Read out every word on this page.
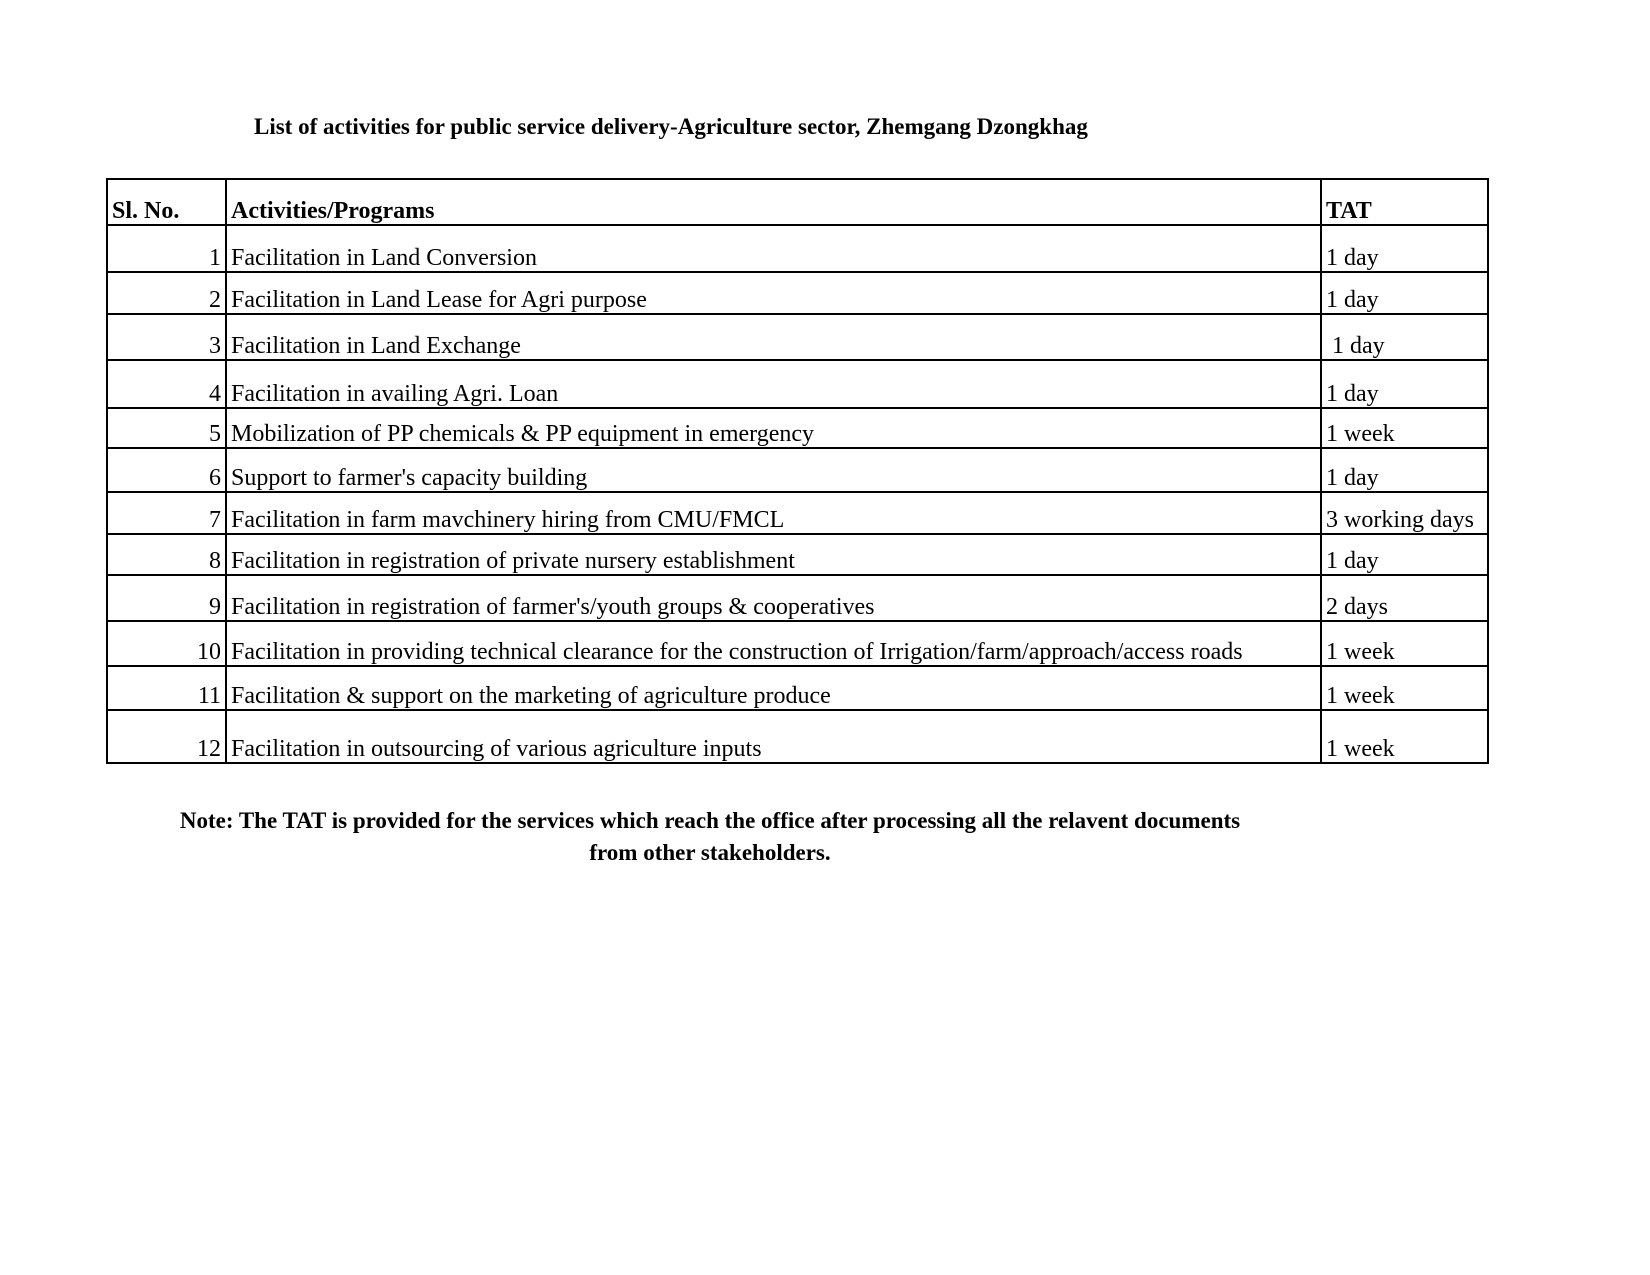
List of activities for public service delivery-Agriculture sector, Zhemgang Dzongkhag
Sl. No.	Activities/Programs	TAT
1	Facilitation in Land Conversion	1 day
2	Facilitation in Land Lease for Agri purpose	1 day
3	Facilitation in Land Exchange	1 day
4	Facilitation in availing Agri. Loan	1 day
5	Mobilization of PP chemicals & PP equipment in emergency	1 week
6	Support to farmer's capacity building	1 day
7	Facilitation in farm mavchinery hiring from CMU/FMCL	3 working days
8	Facilitation in registration of private nursery establishment	1 day
9	Facilitation in registration of farmer's/youth groups & cooperatives	2 days
10	Facilitation in providing technical clearance for the construction of Irrigation/farm/approach/access roads	1 week
11	Facilitation & support on the marketing of agriculture produce	1 week
12	Facilitation in outsourcing of various agriculture inputs	1 week
Note: The TAT is provided for the services which reach the office after processing all the relavent documents
from other stakeholders.
